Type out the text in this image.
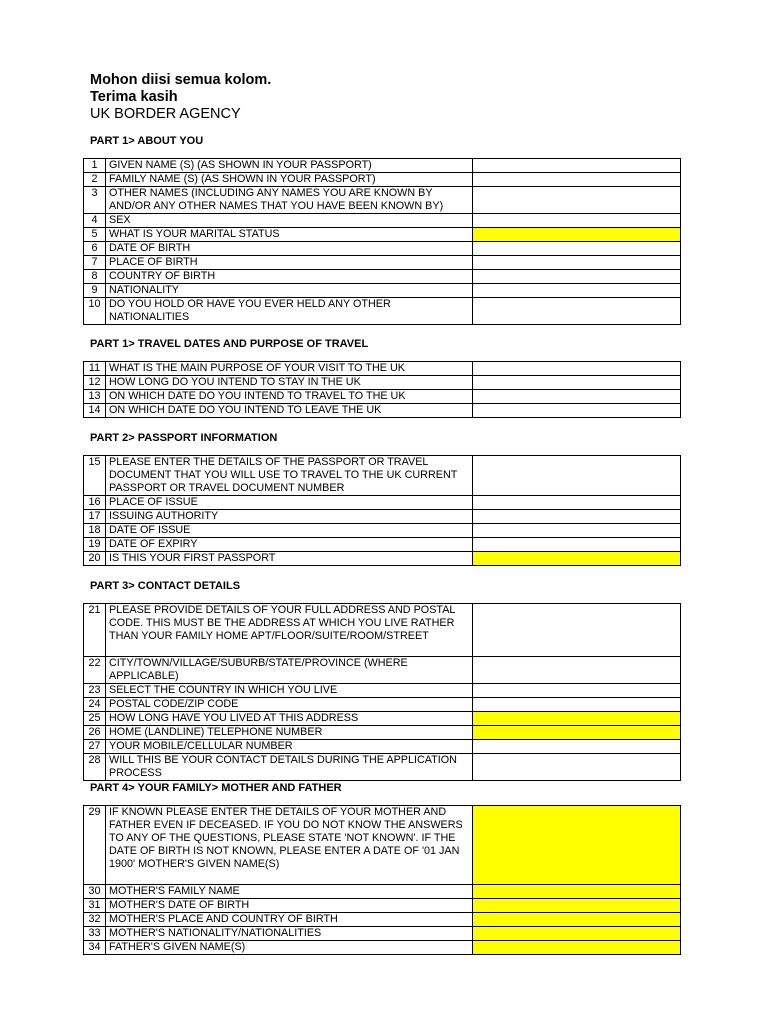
Mohon diisi semua kolom.
Terima kasih
UK BORDER AGENCY
PART 1> ABOUT YOU
1	GIVEN NAME (S) (AS SHOWN IN YOUR PASSPORT)	
2	FAMILY NAME (S) (AS SHOWN IN YOUR PASSPORT)	
3	OTHER NAMES (INCLUDING ANY NAMES YOU ARE KNOWN BY AND/OR ANY OTHER NAMES THAT YOU HAVE BEEN KNOWN BY)	
4	SEX	
5	WHAT IS YOUR MARITAL STATUS	
6	DATE OF BIRTH	
7	PLACE OF BIRTH	
8	COUNTRY OF BIRTH	
9	NATIONALITY	
10	DO YOU HOLD OR HAVE YOU EVER HELD ANY OTHER NATIONALITIES	
PART 1> TRAVEL DATES AND PURPOSE OF TRAVEL
11	WHAT IS THE MAIN PURPOSE OF YOUR VISIT TO THE UK	
12	HOW LONG DO YOU INTEND TO STAY IN THE UK	
13	ON WHICH DATE DO YOU INTEND TO TRAVEL TO THE UK	
14	ON WHICH DATE DO YOU INTEND TO LEAVE THE UK	
PART 2> PASSPORT INFORMATION
15	PLEASE ENTER THE DETAILS OF THE PASSPORT OR TRAVEL DOCUMENT THAT YOU WILL USE TO TRAVEL TO THE UK CURRENT PASSPORT OR TRAVEL DOCUMENT NUMBER	
16	PLACE OF ISSUE	
17	ISSUING AUTHORITY	
18	DATE OF ISSUE	
19	DATE OF EXPIRY	
20	IS THIS YOUR FIRST PASSPORT	
PART 3> CONTACT DETAILS
21	PLEASE PROVIDE DETAILS OF YOUR FULL ADDRESS AND POSTAL CODE. THIS MUST BE THE ADDRESS AT WHICH YOU LIVE RATHER THAN YOUR FAMILY HOME APT/FLOOR/SUITE/ROOM/STREET	
22	CITY/TOWN/VILLAGE/SUBURB/STATE/PROVINCE (WHERE APPLICABLE)	
23	SELECT THE COUNTRY IN WHICH YOU LIVE	
24	POSTAL CODE/ZIP CODE	
25	HOW LONG HAVE YOU LIVED AT THIS ADDRESS	
26	HOME (LANDLINE) TELEPHONE NUMBER	
27	YOUR MOBILE/CELLULAR NUMBER	
28	WILL THIS BE YOUR CONTACT DETAILS DURING THE APPLICATION PROCESS	
PART 4> YOUR FAMILY> MOTHER AND FATHER
29	IF KNOWN PLEASE ENTER THE DETAILS OF YOUR MOTHER AND FATHER EVEN IF DECEASED. IF YOU DO NOT KNOW THE ANSWERS TO ANY OF THE QUESTIONS, PLEASE STATE 'NOT KNOWN'. IF THE DATE OF BIRTH IS NOT KNOWN, PLEASE ENTER A DATE OF '01 JAN 1900' MOTHER'S GIVEN NAME(S)	
30	MOTHER'S FAMILY NAME	
31	MOTHER'S DATE OF BIRTH	
32	MOTHER'S PLACE AND COUNTRY OF BIRTH	
33	MOTHER'S NATIONALITY/NATIONALITIES	
34	FATHER'S GIVEN NAME(S)	
